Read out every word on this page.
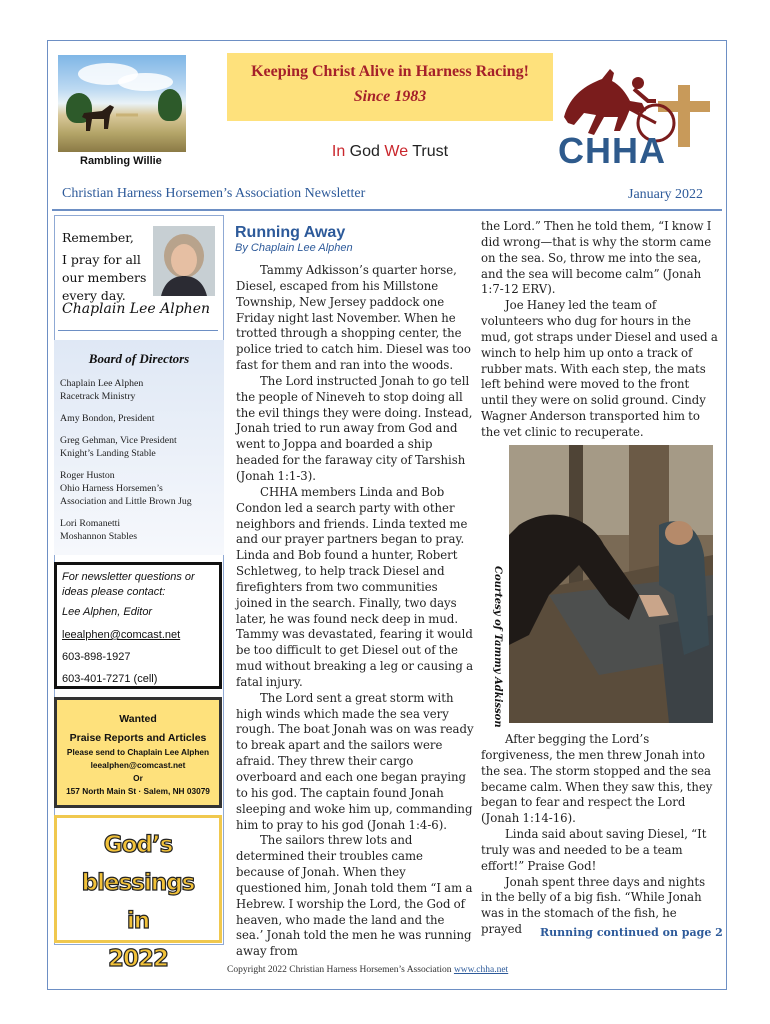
Rambling Willie
Keeping Christ Alive in Harness Racing!
Since 1983
In God We Trust	CHHA
Christian Harness Horsemen’s Association Newsletter	January 2022
Remember,
I pray for all our members every day.
Chaplain Lee Alphen
Board of Directors
Chaplain Lee Alphen
Racetrack Ministry
Amy Bondon, President
Greg Gehman, Vice President
Knight’s Landing Stable
Roger Huston
Ohio Harness Horsemen’s
Association and Little Brown Jug
Lori Romanetti
Moshannon Stables
For newsletter questions or ideas please contact:
Lee Alphen, Editor
leealphen@comcast.net
603-898-1927
603-401-7271 (cell)
Wanted
Praise Reports and Articles
Please send to Chaplain Lee Alphen
leealphen@comcast.net
Or
157 North Main St · Salem, NH 03079
God’s blessings
in
2022
Running Away
By Chaplain Lee Alphen

Tammy Adkisson’s quarter horse, Diesel, escaped from his Millstone Township, New Jersey paddock one Friday night last November. When he trotted through a shopping center, the police tried to catch him. Diesel was too fast for them and ran into the woods.

The Lord instructed Jonah to go tell the people of Nineveh to stop doing all the evil things they were doing. Instead, Jonah tried to run away from God and went to Joppa and boarded a ship headed for the faraway city of Tarshish (Jonah 1:1-3).

CHHA members Linda and Bob Condon led a search party with other neighbors and friends. Linda texted me and our prayer partners began to pray. Linda and Bob found a hunter, Robert Schletweg, to help track Diesel and firefighters from two communities joined in the search. Finally, two days later, he was found neck deep in mud. Tammy was devastated, fearing it would be too difficult to get Diesel out of the mud without breaking a leg or causing a fatal injury.

The Lord sent a great storm with high winds which made the sea very rough. The boat Jonah was on was ready to break apart and the sailors were afraid. They threw their cargo overboard and each one began praying to his god. The captain found Jonah sleeping and woke him up, commanding him to pray to his god (Jonah 1:4-6).

The sailors threw lots and determined their troubles came because of Jonah. When they questioned him, Jonah told them “I am a Hebrew. I worship the Lord, the God of heaven, who made the land and the sea.’ Jonah told the men he was running away from

the Lord.” Then he told them, “I know I did wrong—that is why the storm came on the sea. So, throw me into the sea, and the sea will become calm” (Jonah 1:7-12 ERV).

Joe Haney led the team of volunteers who dug for hours in the mud, got straps under Diesel and used a winch to help him up onto a track of rubber mats. With each step, the mats left behind were moved to the front until they were on solid ground. Cindy Wagner Anderson transported him to the vet clinic to recuperate.

Courtesy of Tammy Adkisson

After begging the Lord’s forgiveness, the men threw Jonah into the sea. The storm stopped and the sea became calm. When they saw this, they began to fear and respect the Lord (Jonah 1:14-16).

Linda said about saving Diesel, “It truly was and needed to be a team effort!” Praise God!

Jonah spent three days and nights in the belly of a big fish. “While Jonah was in the stomach of the fish, he prayed	Running continued on page 2
Copyright 2022 Christian Harness Horsemen’s Association www.chha.net
